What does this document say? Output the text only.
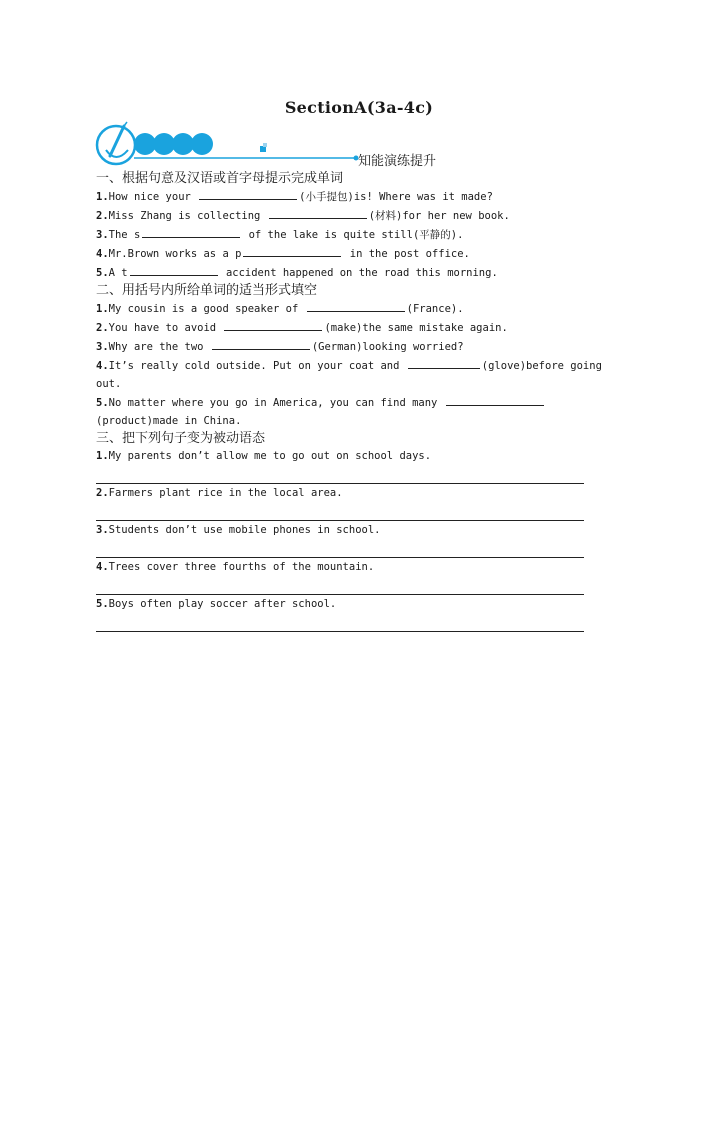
SectionA(3a-4c)
知能演练提升
一、根据句意及汉语或首字母提示完成单词
1.How nice your	(小手提包)is! Where was it made?
2.Miss Zhang is collecting	(材料)for her new book.
3.The s	of the lake is quite still(平静的).
4.Mr.Brown works as a p	in the post office.
5.A t	accident happened on the road this morning.
二、用括号内所给单词的适当形式填空
1.My cousin is a good speaker of	(France).
2.You have to avoid	(make)the same mistake again.
3.Why are the two	(German)looking worried?
4.It’s really cold outside. Put on your coat and	(glove)before going out.
5.No matter where you go in America, you can find many (product)made in China.
三、把下列句子变为被动语态
1.My parents don’t allow me to go out on school days.
2.Farmers plant rice in the local area.
3.Students don’t use mobile phones in school.
4.Trees cover three fourths of the mountain.
5.Boys often play soccer after school.
